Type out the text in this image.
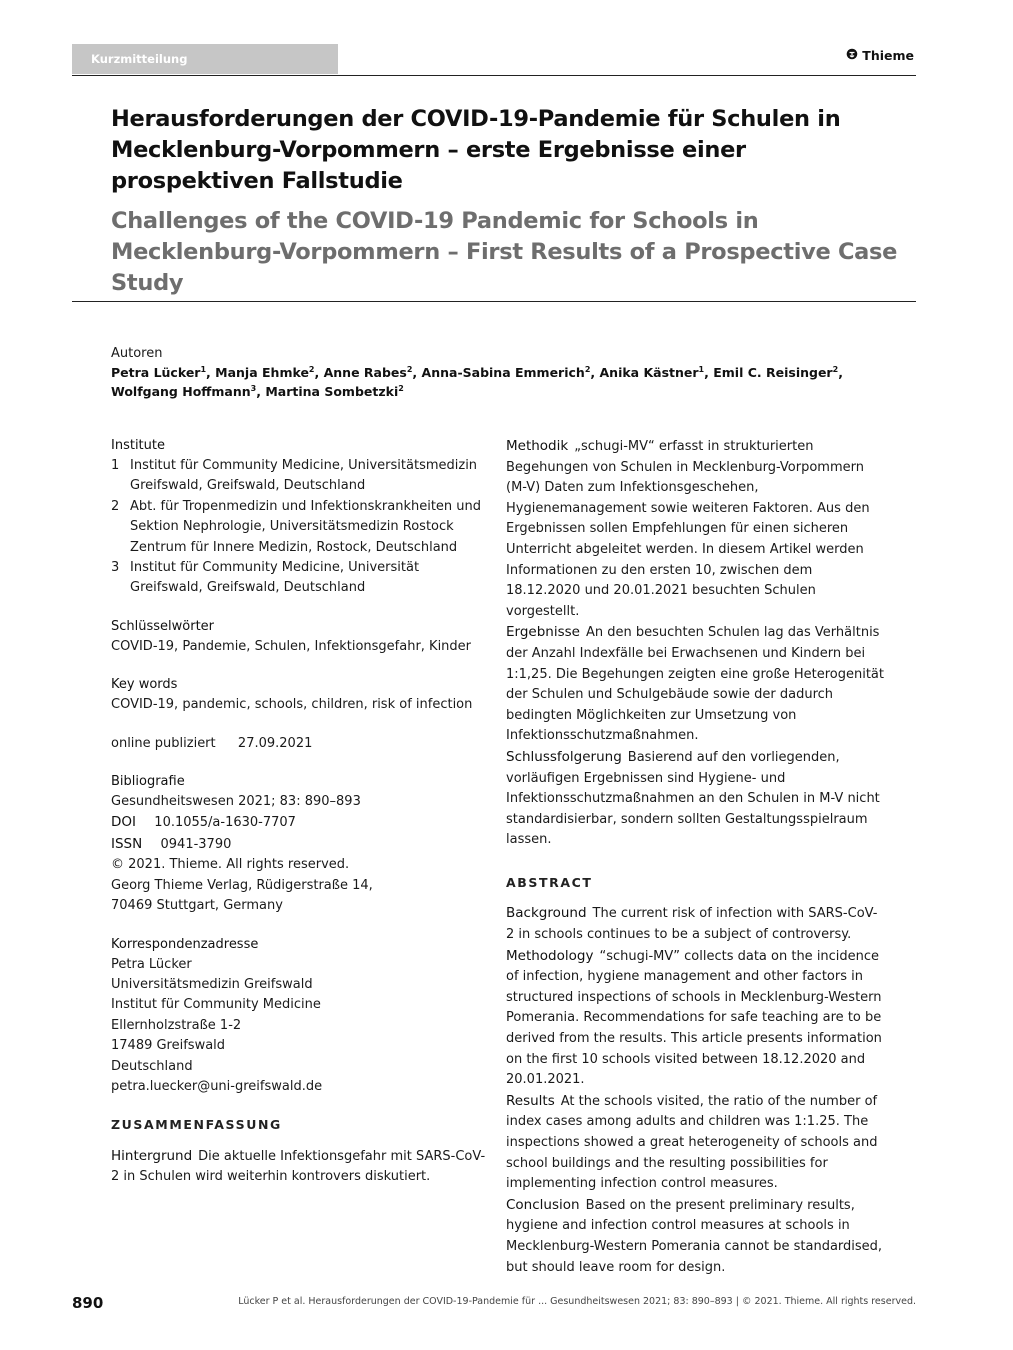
Kurzmitteilung	Thieme
Herausforderungen der COVID-19-Pandemie für Schulen in Mecklenburg-Vorpommern – erste Ergebnisse einer prospektiven Fallstudie
Challenges of the COVID-19 Pandemic for Schools in Mecklenburg-Vorpommern – First Results of a Prospective Case Study
Autoren
Petra Lücker$^1$, Manja Ehmke$^2$, Anne Rabes$^2$, Anna-Sabina Emmerich$^2$, Anika Kästner$^1$, Emil C. Reisinger$^2$,
Wolfgang Hoffmann$^3$, Martina Sombetzki$^2$
Institute
1 Institut für Community Medicine, Universitätsmedizin Greifswald, Greifswald, Deutschland
2 Abt. für Tropenmedizin und Infektionskrankheiten und Sektion Nephrologie, Universitätsmedizin Rostock Zentrum für Innere Medizin, Rostock, Deutschland
3 Institut für Community Medicine, Universität Greifswald, Greifswald, Deutschland
Schlüsselwörter
COVID-19, Pandemie, Schulen, Infektionsgefahr, Kinder
Key words
COVID-19, pandemic, schools, children, risk of infection
online publiziert 27.09.2021
Bibliografie
Gesundheitswesen 2021; 83: 890–893
DOI 10.1055/a-1630-7707
ISSN 0941-3790
© 2021. Thieme. All rights reserved.
Georg Thieme Verlag, Rüdigerstraße 14,
70469 Stuttgart, Germany
Korrespondenzadresse
Petra Lücker
Universitätsmedizin Greifswald
Institut für Community Medicine
Ellernholzstraße 1-2
17489 Greifswald
Deutschland
petra.luecker@uni-greifswald.de
ZUSAMMENFASSUNG

Hintergrund Die aktuelle Infektionsgefahr mit SARS-CoV-2 in Schulen wird weiterhin kontrovers diskutiert.

Methodik „schugi-MV“ erfasst in strukturierten Begehungen von Schulen in Mecklenburg-Vorpommern (M-V) Daten zum Infektionsgeschehen, Hygienemanagement sowie weiteren Faktoren. Aus den Ergebnissen sollen Empfehlungen für einen sicheren Unterricht abgeleitet werden. In diesem Artikel werden Informationen zu den ersten 10, zwischen dem 18.12.2020 und 20.01.2021 besuchten Schulen vorgestellt.

Ergebnisse An den besuchten Schulen lag das Verhältnis der Anzahl Indexfälle bei Erwachsenen und Kindern bei 1:1,25. Die Begehungen zeigten eine große Heterogenität der Schulen und Schulgebäude sowie der dadurch bedingten Möglichkeiten zur Umsetzung von Infektionsschutzmaßnahmen.

Schlussfolgerung Basierend auf den vorliegenden, vorläufigen Ergebnissen sind Hygiene- und Infektionsschutzmaßnahmen an den Schulen in M-V nicht standardisierbar, sondern sollten Gestaltungsspielraum lassen.

ABSTRACT

Background The current risk of infection with SARS-CoV-2 in schools continues to be a subject of controversy.

Methodology “schugi-MV” collects data on the incidence of infection, hygiene management and other factors in structured inspections of schools in Mecklenburg-Western Pomerania. Recommendations for safe teaching are to be derived from the results. This article presents information on the first 10 schools visited between 18.12.2020 and 20.01.2021.

Results At the schools visited, the ratio of the number of index cases among adults and children was 1:1.25. The inspections showed a great heterogeneity of schools and school buildings and the resulting possibilities for implementing infection control measures.

Conclusion Based on the present preliminary results, hygiene and infection control measures at schools in Mecklenburg-Western Pomerania cannot be standardised, but should leave room for design.

890	Lücker P et al. Herausforderungen der COVID-19-Pandemie für ... Gesundheitswesen 2021; 83: 890–893 | © 2021. Thieme. All rights reserved.
